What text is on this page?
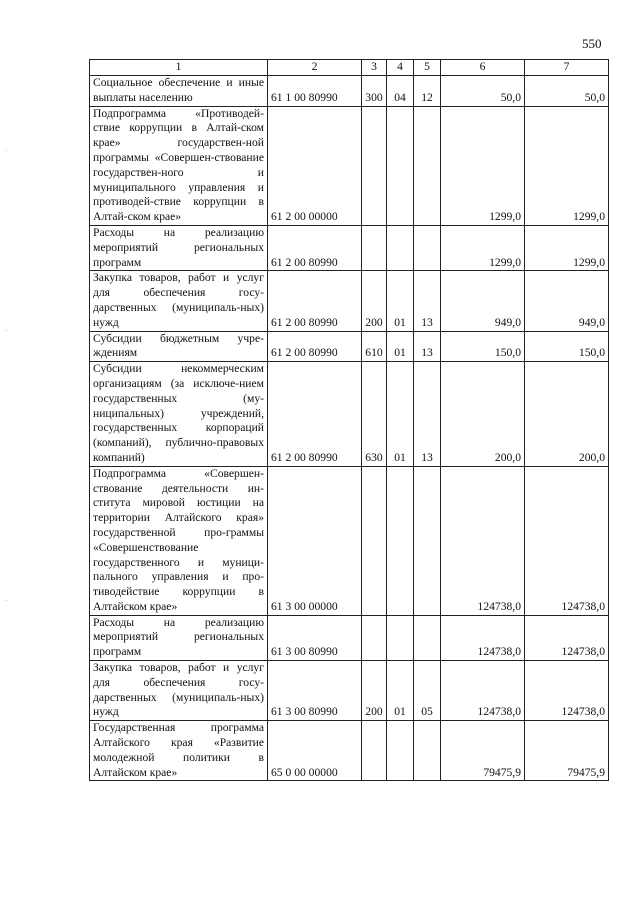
550
1	2	3	4	5	6	7
Социальное обеспечение и иные выплаты населению	61 1 00 80990	300	04	12	50,0	50,0
Подпрограмма «Противодей-ствие коррупции в Алтай-ском крае» государствен-ной программы «Совершен-ствование государствен-ного и муниципального управления и противодей-ствие коррупции в Алтай-ском крае»	61 2 00 00000				1299,0	1299,0
Расходы на реализацию мероприятий региональных программ	61 2 00 80990				1299,0	1299,0
Закупка товаров, работ и услуг для обеспечения госу-дарственных (муниципаль-ных) нужд	61 2 00 80990	200	01	13	949,0	949,0
Субсидии бюджетным учре-ждениям	61 2 00 80990	610	01	13	150,0	150,0
Субсидии некоммерческим организациям (за исключе-нием государственных (му-ниципальных) учреждений, государственных корпораций (компаний), публично-правовых компаний)	61 2 00 80990	630	01	13	200,0	200,0
Подпрограмма «Совершен-ствование деятельности ин-ститута мировой юстиции на территории Алтайского края» государственной про-граммы «Совершенствование государственного и муници-пального управления и про-тиводействие коррупции в Алтайском крае»	61 3 00 00000				124738,0	124738,0
Расходы на реализацию мероприятий региональных программ	61 3 00 80990				124738,0	124738,0
Закупка товаров, работ и услуг для обеспечения госу-дарственных (муниципаль-ных) нужд	61 3 00 80990	200	01	05	124738,0	124738,0
Государственная программа Алтайского края «Развитие молодежной политики в Алтайском крае»	65 0 00 00000				79475,9	79475,9
